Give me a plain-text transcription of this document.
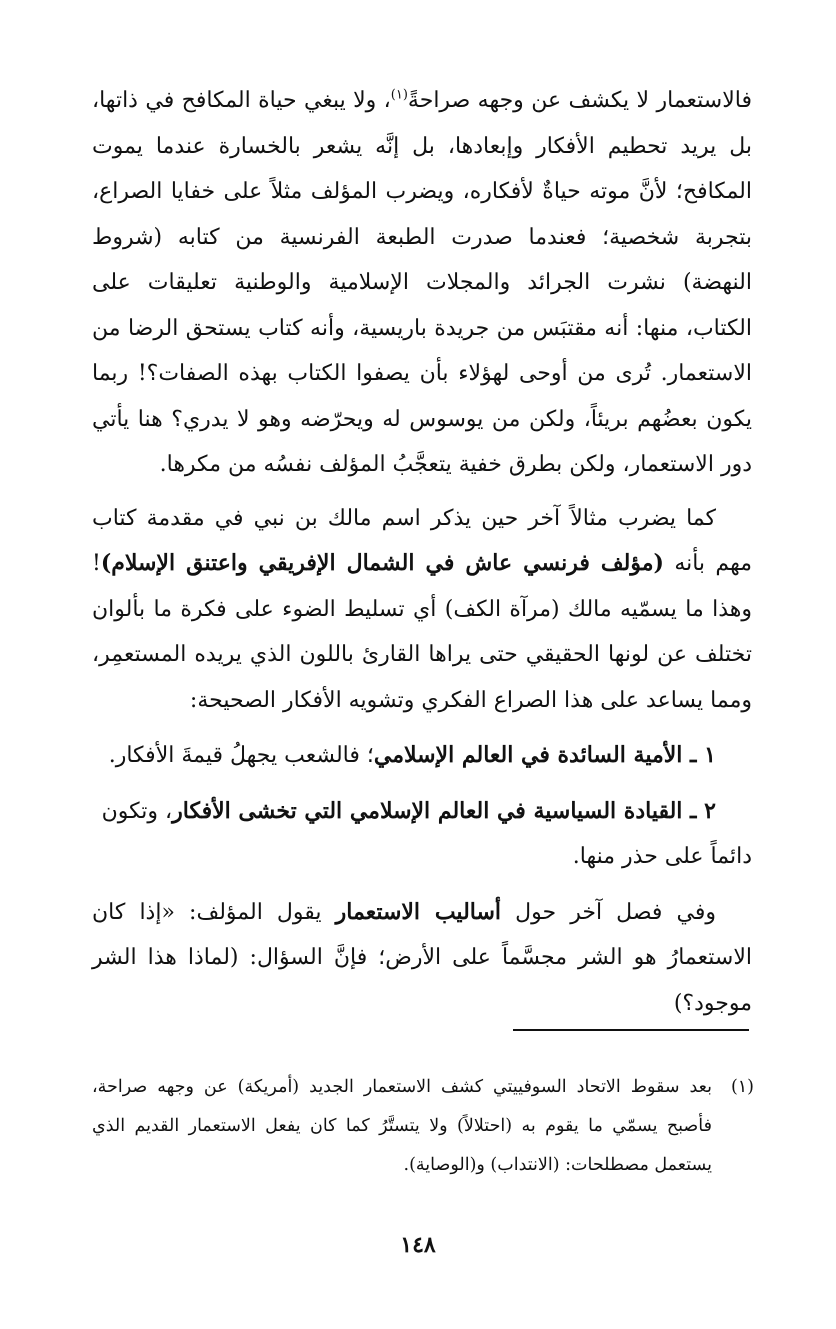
فالاستعمار لا يكشف عن وجهه صراحةً$^{(١)}$، ولا يبغي حياة المكافح في ذاتها، بل يريد تحطيم الأفكار وإبعادها، بل إنَّه يشعر بالخسارة عندما يموت المكافح؛ لأنَّ موته حياةٌ لأفكاره، ويضرب المؤلف مثلاً على خفايا الصراع، بتجربة شخصية؛ فعندما صدرت الطبعة الفرنسية من كتابه (شروط النهضة) نشرت الجرائد والمجلات الإسلامية والوطنية تعليقات على الكتاب، منها: أنه مقتبَس من جريدة باريسية، وأنه كتاب يستحق الرضا من الاستعمار. تُرى من أوحى لهؤلاء بأن يصفوا الكتاب بهذه الصفات؟! ربما يكون بعضُهم بريئاً، ولكن من يوسوس له ويحرّضه وهو لا يدري؟ هنا يأتي دور الاستعمار، ولكن بطرق خفية يتعجَّبُ المؤلف نفسُه من مكرها.

كما يضرب مثالاً آخر حين يذكر اسم مالك بن نبي في مقدمة كتاب مهم بأنه (مؤلف فرنسي عاش في الشمال الإفريقي واعتنق الإسلام)! وهذا ما يسمّيه مالك (مرآة الكف) أي تسليط الضوء على فكرة ما بألوان تختلف عن لونها الحقيقي حتى يراها القارئ باللون الذي يريده المستعمِر، ومما يساعد على هذا الصراع الفكري وتشويه الأفكار الصحيحة:

١ ـ الأمية السائدة في العالم الإسلامي؛ فالشعب يجهلُ قيمةَ الأفكار.

٢ ـ القيادة السياسية في العالم الإسلامي التي تخشى الأفكار، وتكون دائماً على حذر منها.

وفي فصل آخر حول أساليب الاستعمار يقول المؤلف: «إذا كان الاستعمارُ هو الشر مجسَّماً على الأرض؛ فإنَّ السؤال: (لماذا هذا الشر موجود؟)

(١)
بعد سقوط الاتحاد السوفييتي كشف الاستعمار الجديد (أمريكة) عن وجهه صراحة، فأصبح يسمّي ما يقوم به (احتلالاً) ولا يتستَّرُ كما كان يفعل الاستعمار القديم الذي يستعمل مصطلحات: (الانتداب) و(الوصاية).
١٤٨
